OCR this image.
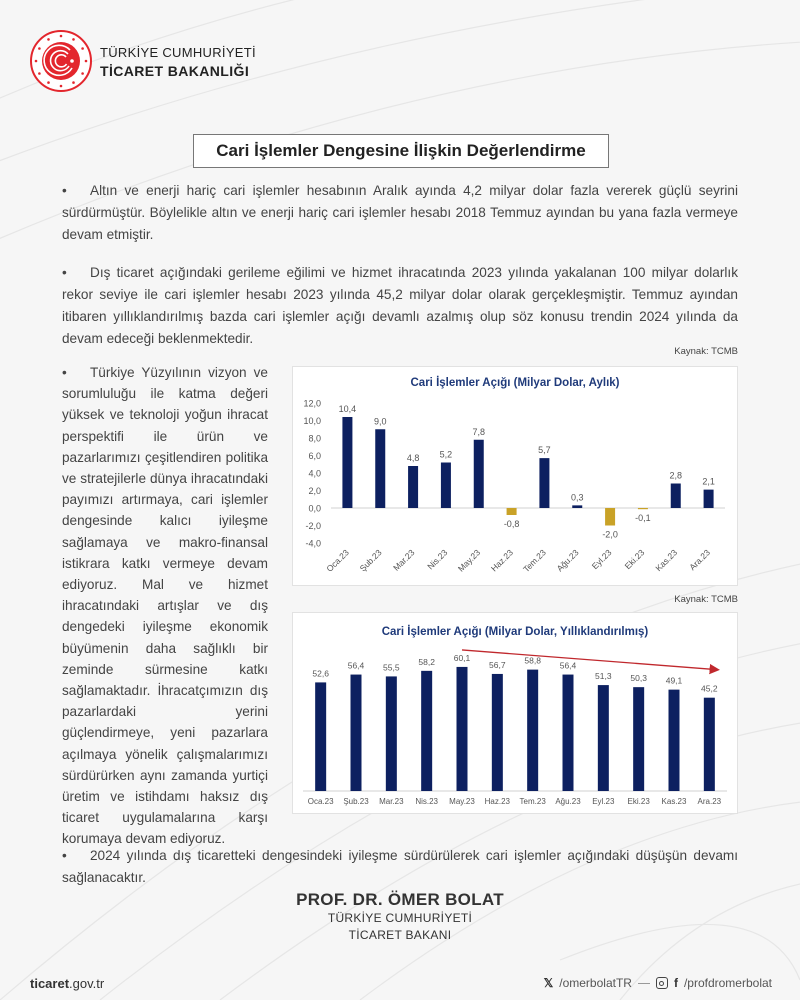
TÜRKİYE CUMHURİYETİ
TİCARET BAKANLIĞI
Cari İşlemler Dengesine İlişkin Değerlendirme
• Altın ve enerji hariç cari işlemler hesabının Aralık ayında 4,2 milyar dolar fazla vererek güçlü seyrini sürdürmüştür. Böylelikle altın ve enerji hariç cari işlemler hesabı 2018 Temmuz ayından bu yana fazla vermeye devam etmiştir.
• Dış ticaret açığındaki gerileme eğilimi ve hizmet ihracatında 2023 yılında yakalanan 100 milyar dolarlık rekor seviye ile cari işlemler hesabı 2023 yılında 45,2 milyar dolar olarak gerçekleşmiştir. Temmuz ayından itibaren yıllıklandırılmış bazda cari işlemler açığı devamlı azalmış olup söz konusu trendin 2024 yılında da devam edeceği beklenmektedir.
• Türkiye Yüzyılının vizyon ve sorumluluğu ile katma değeri yüksek ve teknoloji yoğun ihracat perspektifi ile ürün ve pazarlarımızı çeşitlendiren politika ve stratejilerle dünya ihracatındaki payımızı artırmaya, cari işlemler dengesinde kalıcı iyileşme sağlamaya ve makro-finansal istikrara katkı vermeye devam ediyoruz. Mal ve hizmet ihracatındaki artışlar ve dış dengedeki iyileşme ekonomik büyümenin daha sağlıklı bir zeminde sürmesine katkı sağlamaktadır. İhracatçımızın dış pazarlardaki yerini güçlendirmeye, yeni pazarlara açılmaya yönelik çalışmalarımızı sürdürürken aynı zamanda yurtiçi üretim ve istihdamı haksız dış ticaret uygulamalarına karşı korumaya devam ediyoruz.
Kaynak: TCMB
Kaynak: TCMB
Cari İşlemler Açığı (Milyar Dolar, Aylık)
12,0
10,0
8,0
6,0
4,0
2,0
0,0
-2,0
-4,0
10,4
9,0
4,8 5,2
7,8
-0,8
5,7
0,3
-2,0
-0,1
2,8
2,1
Oca.23 Şub.23 Mar.23 Nis.23 May.23 Haz.23 Tem.23 Ağu.23 Eyl.23 Eki.23 Kas.23 Ara.23
Cari İşlemler Açığı (Milyar Dolar, Yıllıklandırılmış)
52,6
56,4 55,5
58,2 60,1
56,7 58,8 56,4
51,3 50,3 49,1
45,2
Oca.23 Şub.23 Mar.23 Nis.23 May.23 Haz.23 Tem.23 Ağu.23 Eyl.23 Eki.23 Kas.23 Ara.23
• 2024 yılında dış ticaretteki dengesindeki iyileşme sürdürülerek cari işlemler açığındaki düşüşün devamı sağlanacaktır.
PROF. DR. ÖMER BOLAT
TÜRKİYE CUMHURİYETİ
TİCARET BAKANI
ticaret.gov.tr	𝕏 /omerbolatTR	f /profdromerbolat
